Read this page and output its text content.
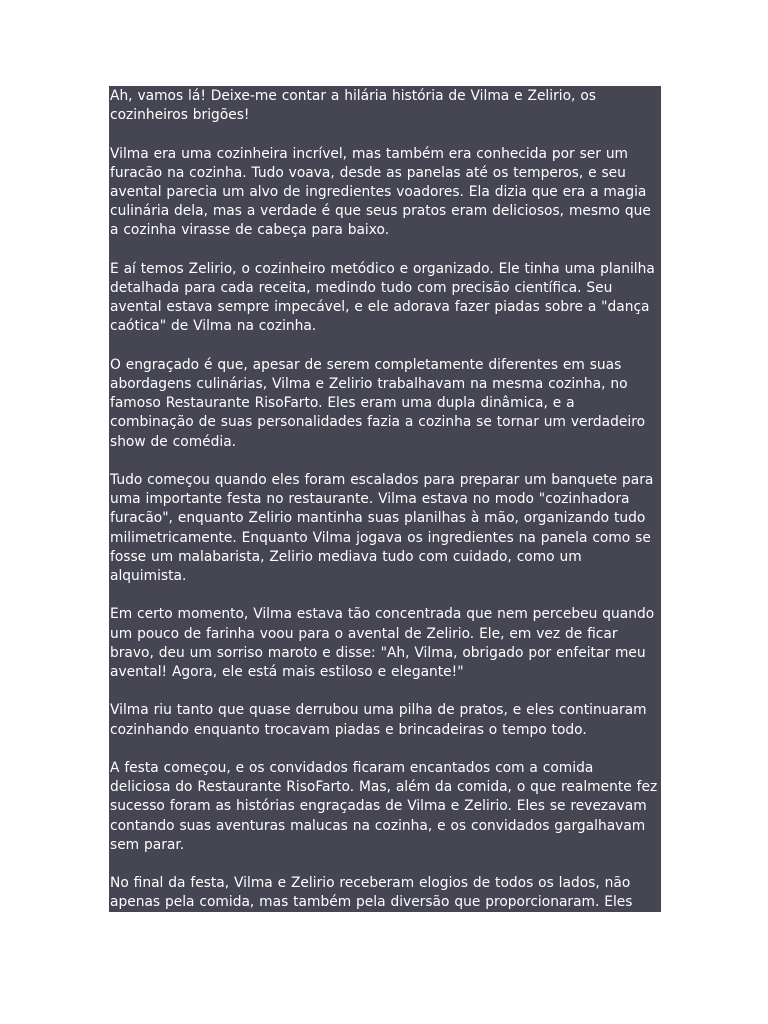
Ah, vamos lá! Deixe-me contar a hilária história de Vilma e Zelirio, os cozinheiros brigões!

Vilma era uma cozinheira incrível, mas também era conhecida por ser um furacão na cozinha. Tudo voava, desde as panelas até os temperos, e seu avental parecia um alvo de ingredientes voadores. Ela dizia que era a magia culinária dela, mas a verdade é que seus pratos eram deliciosos, mesmo que a cozinha virasse de cabeça para baixo.

E aí temos Zelirio, o cozinheiro metódico e organizado. Ele tinha uma planilha detalhada para cada receita, medindo tudo com precisão científica. Seu avental estava sempre impecável, e ele adorava fazer piadas sobre a "dança caótica" de Vilma na cozinha.

O engraçado é que, apesar de serem completamente diferentes em suas abordagens culinárias, Vilma e Zelirio trabalhavam na mesma cozinha, no famoso Restaurante RisoFarto. Eles eram uma dupla dinâmica, e a combinação de suas personalidades fazia a cozinha se tornar um verdadeiro show de comédia.

Tudo começou quando eles foram escalados para preparar um banquete para uma importante festa no restaurante. Vilma estava no modo "cozinhadora furacão", enquanto Zelirio mantinha suas planilhas à mão, organizando tudo milimetricamente. Enquanto Vilma jogava os ingredientes na panela como se fosse um malabarista, Zelirio mediava tudo com cuidado, como um alquimista.

Em certo momento, Vilma estava tão concentrada que nem percebeu quando um pouco de farinha voou para o avental de Zelirio. Ele, em vez de ficar bravo, deu um sorriso maroto e disse: "Ah, Vilma, obrigado por enfeitar meu avental! Agora, ele está mais estiloso e elegante!"

Vilma riu tanto que quase derrubou uma pilha de pratos, e eles continuaram cozinhando enquanto trocavam piadas e brincadeiras o tempo todo.

A festa começou, e os convidados ficaram encantados com a comida deliciosa do Restaurante RisoFarto. Mas, além da comida, o que realmente fez sucesso foram as histórias engraçadas de Vilma e Zelirio. Eles se revezavam contando suas aventuras malucas na cozinha, e os convidados gargalhavam sem parar.

No final da festa, Vilma e Zelirio receberam elogios de todos os lados, não apenas pela comida, mas também pela diversão que proporcionaram. Eles perceberam que, apesar de serem cozinheiros brigões, sua amizade e humor tornavam a cozinha um lugar especial, cheio de sabor e risadas.
